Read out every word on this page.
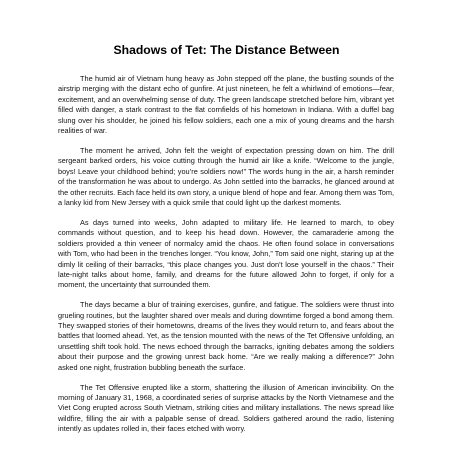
Shadows of Tet: The Distance Between

The humid air of Vietnam hung heavy as John stepped off the plane, the bustling sounds of the airstrip merging with the distant echo of gunfire. At just nineteen, he felt a whirlwind of emotions—fear, excitement, and an overwhelming sense of duty. The green landscape stretched before him, vibrant yet filled with danger, a stark contrast to the flat cornfields of his hometown in Indiana. With a duffel bag slung over his shoulder, he joined his fellow soldiers, each one a mix of young dreams and the harsh realities of war.

The moment he arrived, John felt the weight of expectation pressing down on him. The drill sergeant barked orders, his voice cutting through the humid air like a knife. “Welcome to the jungle, boys! Leave your childhood behind; you’re soldiers now!” The words hung in the air, a harsh reminder of the transformation he was about to undergo. As John settled into the barracks, he glanced around at the other recruits. Each face held its own story, a unique blend of hope and fear. Among them was Tom, a lanky kid from New Jersey with a quick smile that could light up the darkest moments.

As days turned into weeks, John adapted to military life. He learned to march, to obey commands without question, and to keep his head down. However, the camaraderie among the soldiers provided a thin veneer of normalcy amid the chaos. He often found solace in conversations with Tom, who had been in the trenches longer. “You know, John,” Tom said one night, staring up at the dimly lit ceiling of their barracks, “this place changes you. Just don’t lose yourself in the chaos.” Their late-night talks about home, family, and dreams for the future allowed John to forget, if only for a moment, the uncertainty that surrounded them.

The days became a blur of training exercises, gunfire, and fatigue. The soldiers were thrust into grueling routines, but the laughter shared over meals and during downtime forged a bond among them. They swapped stories of their hometowns, dreams of the lives they would return to, and fears about the battles that loomed ahead. Yet, as the tension mounted with the news of the Tet Offensive unfolding, an unsettling shift took hold. The news echoed through the barracks, igniting debates among the soldiers about their purpose and the growing unrest back home. “Are we really making a difference?” John asked one night, frustration bubbling beneath the surface.

The Tet Offensive erupted like a storm, shattering the illusion of American invincibility. On the morning of January 31, 1968, a coordinated series of surprise attacks by the North Vietnamese and the Viet Cong erupted across South Vietnam, striking cities and military installations. The news spread like wildfire, filling the air with a palpable sense of dread. Soldiers gathered around the radio, listening intently as updates rolled in, their faces etched with worry.
